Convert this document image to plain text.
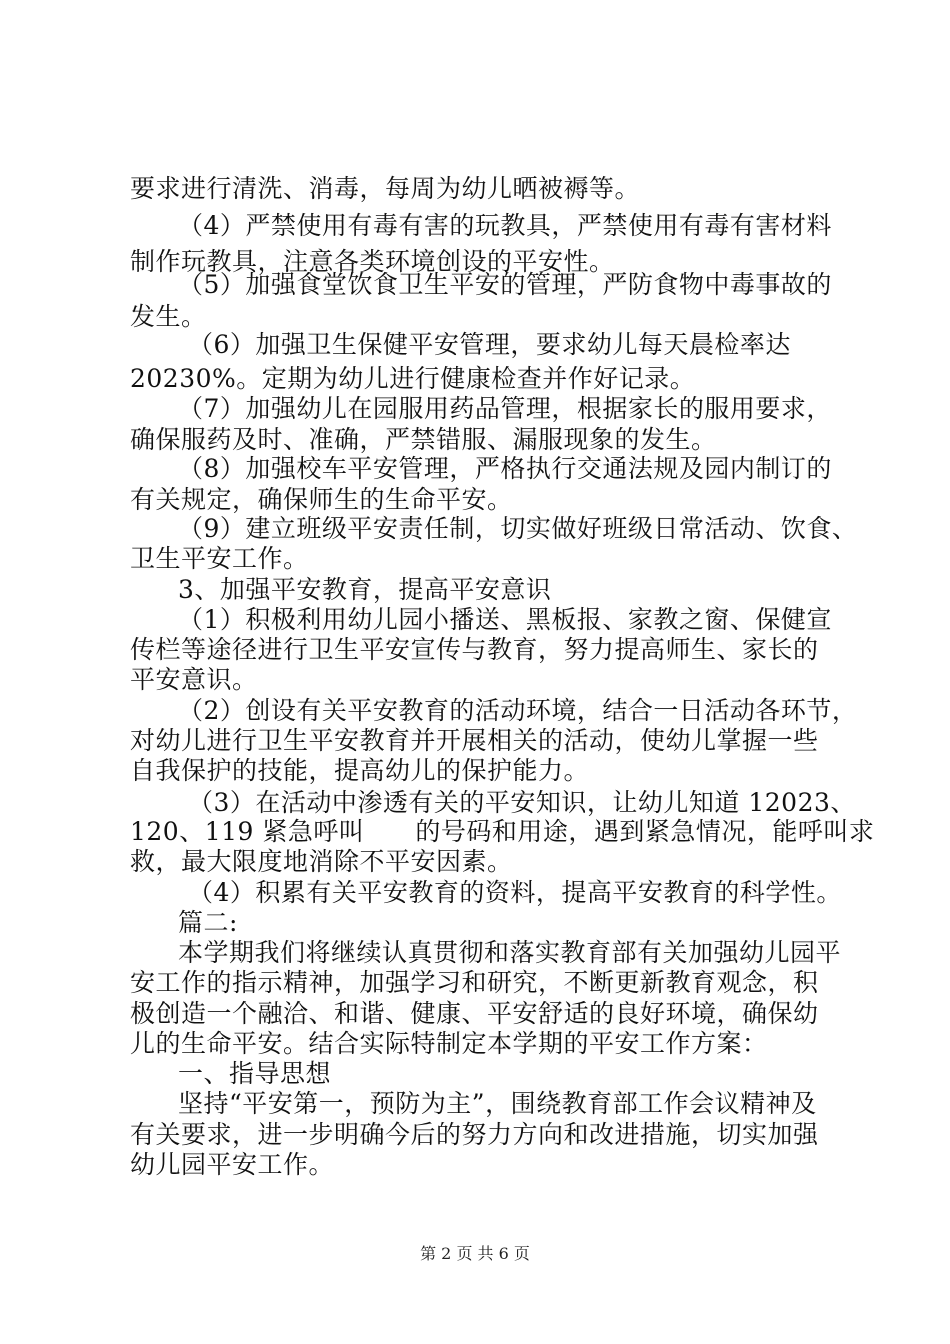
要求进行清洗、消毒，每周为幼儿晒被褥等。
（4）严禁使用有毒有害的玩教具，严禁使用有毒有害材料
制作玩教具，注意各类环境创设的平安性。
（5）加强食堂饮食卫生平安的管理，严防食物中毒事故的
发生。
（6）加强卫生保健平安管理，要求幼儿每天晨检率达
20230%。定期为幼儿进行健康检查并作好记录。
（7）加强幼儿在园服用药品管理，根据家长的服用要求，
确保服药及时、准确，严禁错服、漏服现象的发生。
（8）加强校车平安管理，严格执行交通法规及园内制订的
有关规定，确保师生的生命平安。
（9）建立班级平安责任制，切实做好班级日常活动、饮食、
卫生平安工作。
3、加强平安教育，提高平安意识
（1）积极利用幼儿园小播送、黑板报、家教之窗、保健宣
传栏等途径进行卫生平安宣传与教育，努力提高师生、家长的
平安意识。
（2）创设有关平安教育的活动环境，结合一日活动各环节，
对幼儿进行卫生平安教育并开展相关的活动，使幼儿掌握一些
自我保护的技能，提高幼儿的保护能力。
（3）在活动中渗透有关的平安知识，让幼儿知道 12023、
120、119 紧急呼叫　　的号码和用途，遇到紧急情况，能呼叫求
救，最大限度地消除不平安因素。
（4）积累有关平安教育的资料，提高平安教育的科学性。
篇二:
本学期我们将继续认真贯彻和落实教育部有关加强幼儿园平
安工作的指示精神，加强学习和研究，不断更新教育观念，积
极创造一个融洽、和谐、健康、平安舒适的良好环境，确保幼
儿的生命平安。结合实际特制定本学期的平安工作方案：
一、指导思想
坚持“平安第一，预防为主”，围绕教育部工作会议精神及
有关要求，进一步明确今后的努力方向和改进措施，切实加强
幼儿园平安工作。
第 2 页 共 6 页
